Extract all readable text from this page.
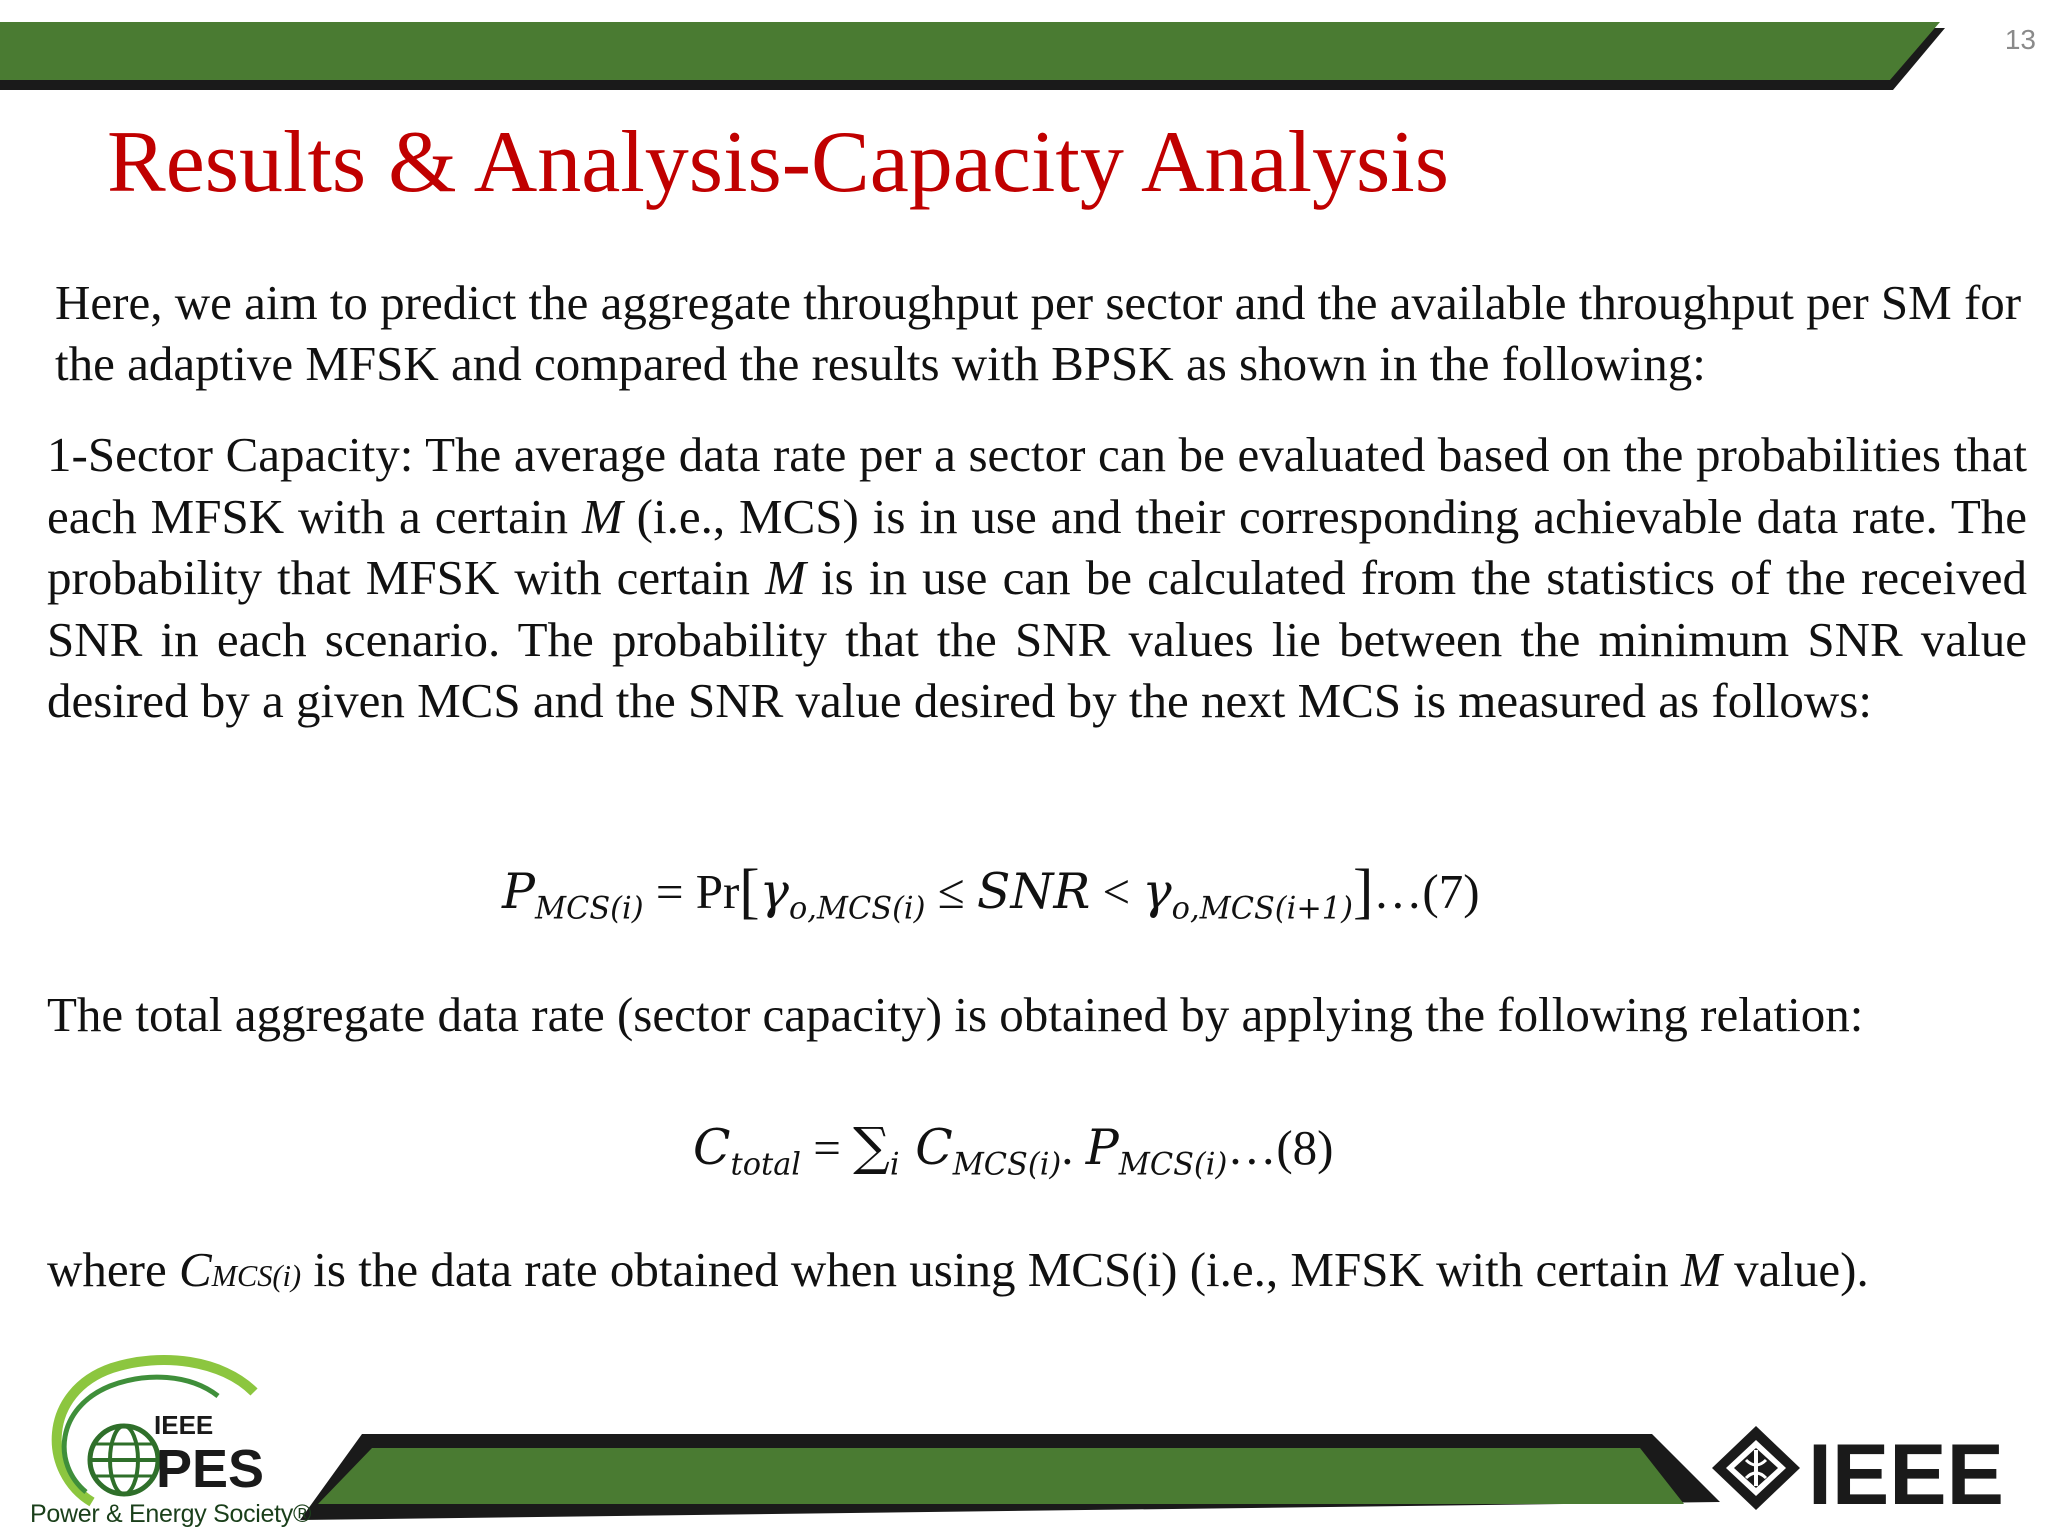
13

Results & Analysis-Capacity Analysis

Here, we aim to predict the aggregate throughput per sector and the available throughput per SM for the adaptive MFSK and compared the results with BPSK as shown in the following:

1-Sector Capacity: The average data rate per a sector can be evaluated based on the probabilities that each MFSK with a certain M (i.e., MCS) is in use and their corresponding achievable data rate. The probability that MFSK with certain M is in use can be calculated from the statistics of the received SNR in each scenario. The probability that the SNR values lie between the minimum SNR value desired by a given MCS and the SNR value desired by the next MCS is measured as follows:

$P_{MCS(i)} = Pr[\gamma_{o,MCS(i)}$ ≤ SNR < $\gamma_{o,MCS(i+1)}]\dots(7)$

The total aggregate data rate (sector capacity) is obtained by applying the following relation:

$C_{total} = \sum_i$ $C_{MCS(i)}$. $P_{MCS(i)}\dots(8)$

where CMCS(i) is the data rate obtained when using MCS(i) (i.e., MFSK with certain M value).

IEEE
PES

Power & Energy Society®	IEEE
